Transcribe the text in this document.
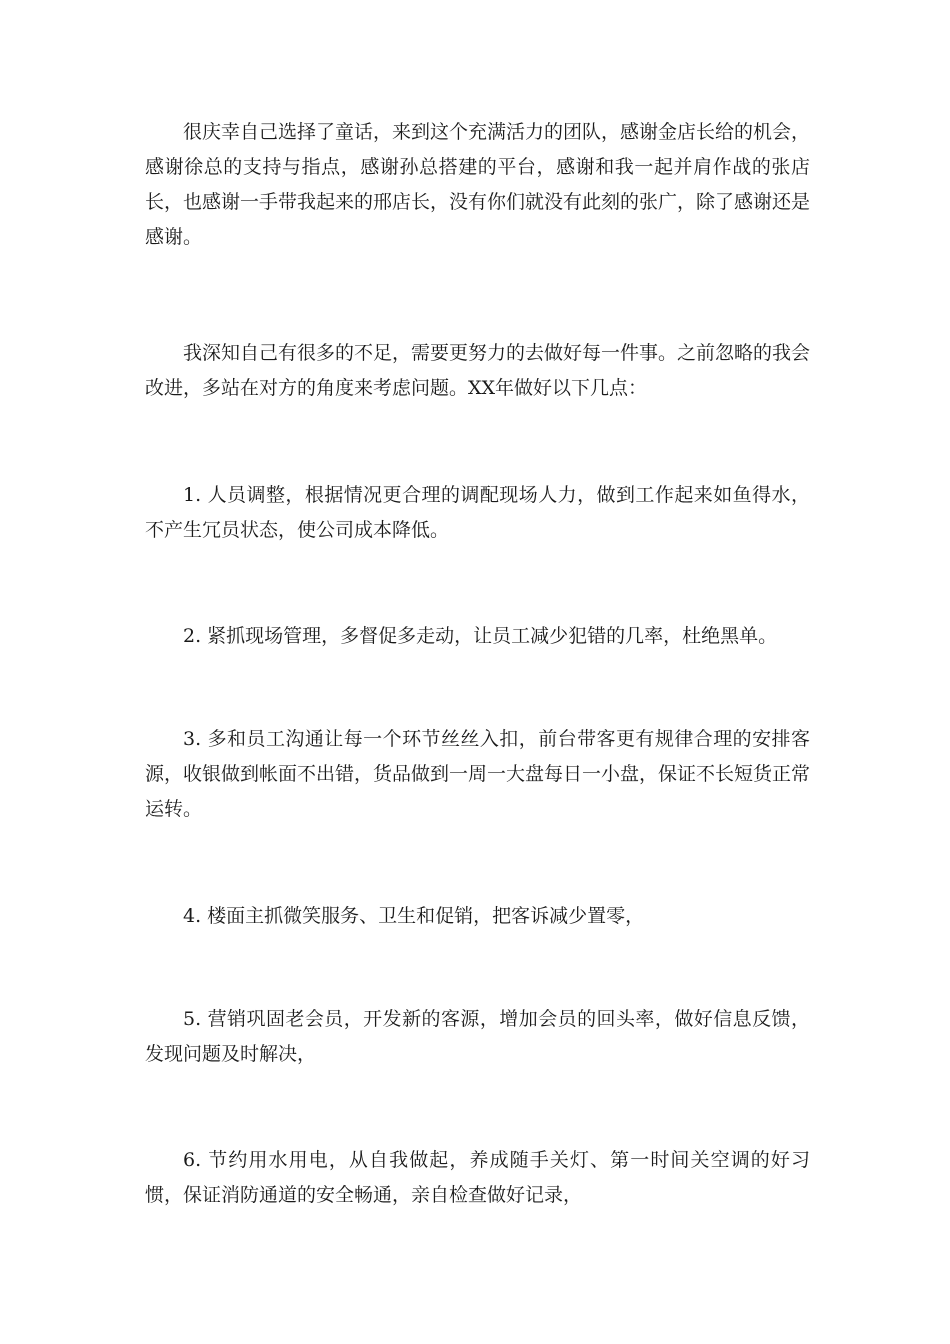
很庆幸自己选择了童话，来到这个充满活力的团队，感谢金店长给的机会，感谢徐总的支持与指点，感谢孙总搭建的平台，感谢和我一起并肩作战的张店长，也感谢一手带我起来的邢店长，没有你们就没有此刻的张广，除了感谢还是感谢。

我深知自己有很多的不足，需要更努力的去做好每一件事。之前忽略的我会改进，多站在对方的角度来考虑问题。XX年做好以下几点：

1. 人员调整，根据情况更合理的调配现场人力，做到工作起来如鱼得水，不产生冗员状态，使公司成本降低。

2. 紧抓现场管理，多督促多走动，让员工减少犯错的几率，杜绝黑单。

3. 多和员工沟通让每一个环节丝丝入扣，前台带客更有规律合理的安排客源，收银做到帐面不出错，货品做到一周一大盘每日一小盘，保证不长短货正常运转。

4. 楼面主抓微笑服务、卫生和促销，把客诉减少置零，

5. 营销巩固老会员，开发新的客源，增加会员的回头率，做好信息反馈，发现问题及时解决，

6. 节约用水用电，从自我做起，养成随手关灯、第一时间关空调的好习惯，保证消防通道的安全畅通，亲自检查做好记录，
